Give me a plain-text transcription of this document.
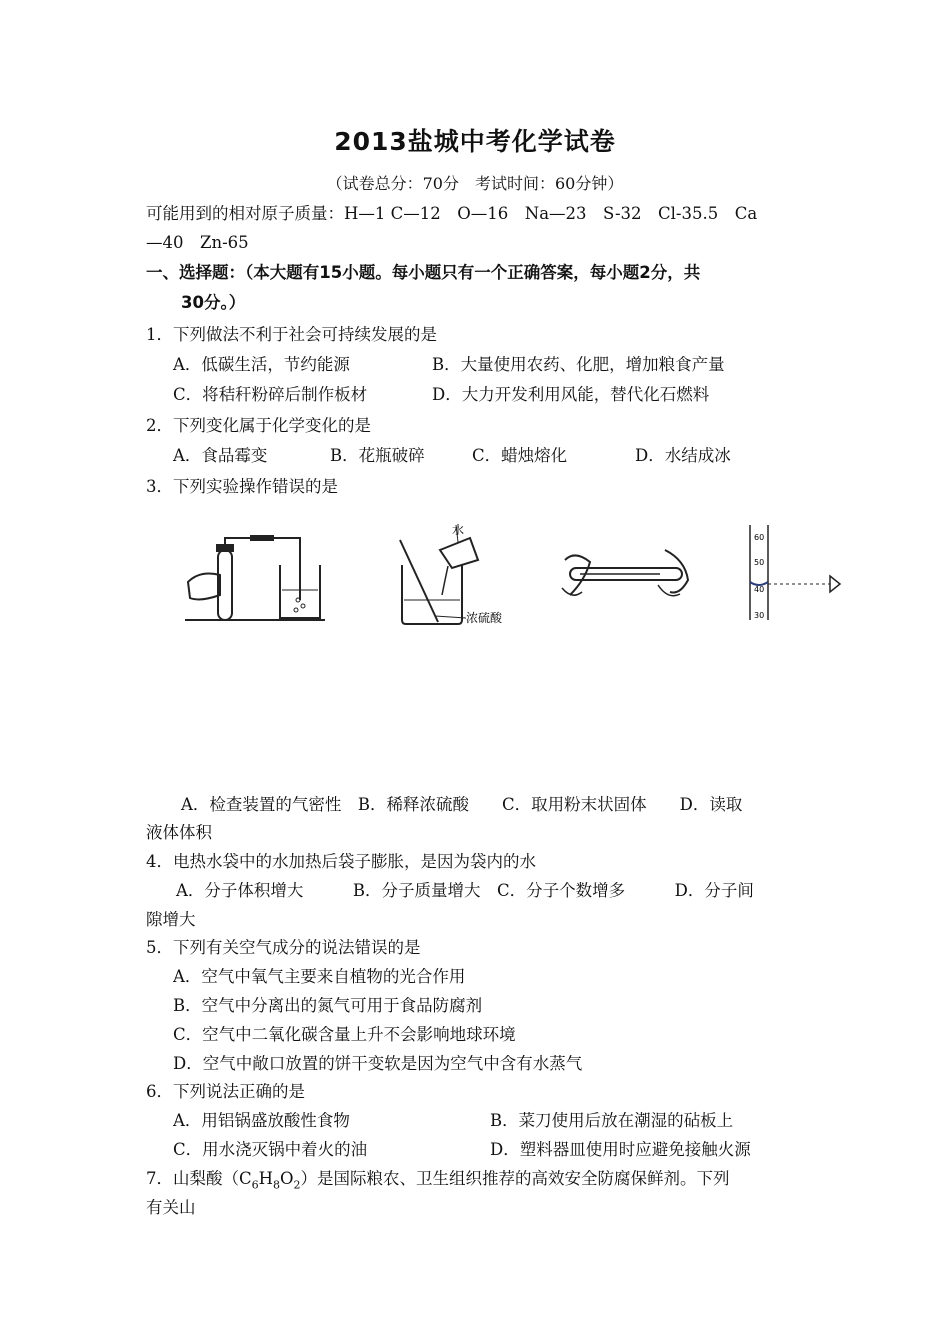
2013盐城中考化学试卷
（试卷总分：70分　考试时间：60分钟）
可能用到的相对原子质量：H—1 C—12　O—16　Na—23　S-32　Cl-35.5　Ca
—40　Zn-65
一、选择题：（本大题有15小题。每小题只有一个正确答案，每小题2分，共
30分。）
1．下列做法不利于社会可持续发展的是
A．低碳生活，节约能源	B．大量使用农药、化肥，增加粮食产量
C．将秸秆粉碎后制作板材	D．大力开发利用风能，替代化石燃料
2．下列变化属于化学变化的是
A．食品霉变	B．花瓶破碎	C．蜡烛熔化	D．水结成冰
3．下列实验操作错误的是
水
浓硫酸
60
50
40
30
A．检查装置的气密性　B．稀释浓硫酸　　C．取用粉末状固体　　D．读取
液体体积
4．电热水袋中的水加热后袋子膨胀，是因为袋内的水
A．分子体积增大　　　B．分子质量增大　C．分子个数增多　　　D．分子间
隙增大
5．下列有关空气成分的说法错误的是
A．空气中氧气主要来自植物的光合作用
B．空气中分离出的氮气可用于食品防腐剂
C．空气中二氧化碳含量上升不会影响地球环境
D．空气中敞口放置的饼干变软是因为空气中含有水蒸气
6．下列说法正确的是
A．用铝锅盛放酸性食物	B．菜刀使用后放在潮湿的砧板上
C．用水浇灭锅中着火的油	D．塑料器皿使用时应避免接触火源
7．山梨酸$(C_6H_8O_2)$是国际粮农、卫生组织推荐的高效安全防腐保鲜剂。下列
有关山
